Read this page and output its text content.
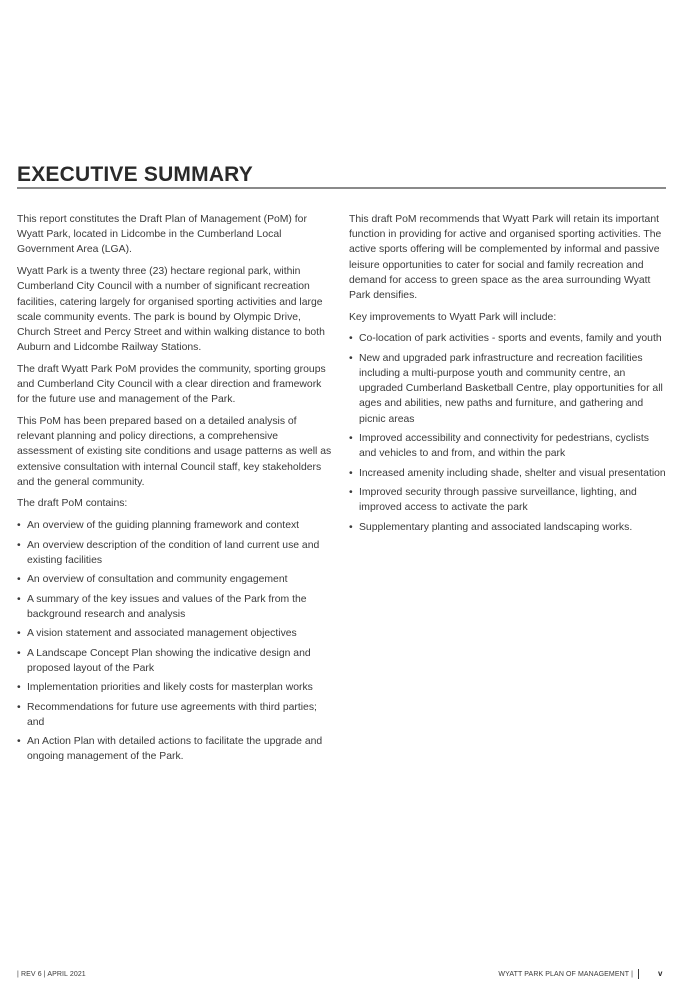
EXECUTIVE SUMMARY

This report constitutes the Draft Plan of Management (PoM) for Wyatt Park, located in Lidcombe in the Cumberland Local Government Area (LGA).

Wyatt Park is a twenty three (23) hectare regional park, within Cumberland City Council with a number of significant recreation facilities, catering largely for organised sporting activities and large scale community events. The park is bound by Olympic Drive, Church Street and Percy Street and within walking distance to both Auburn and Lidcombe Railway Stations.

The draft Wyatt Park PoM provides the community, sporting groups and Cumberland City Council with a clear direction and framework for the future use and management of the Park.

This PoM has been prepared based on a detailed analysis of relevant planning and policy directions, a comprehensive assessment of existing site conditions and usage patterns as well as extensive consultation with internal Council staff, key stakeholders and the general community.

The draft PoM contains:

• An overview of the guiding planning framework and context
• An overview description of the condition of land current use and existing facilities
• An overview of consultation and community engagement
• A summary of the key issues and values of the Park from the background research and analysis
• A vision statement and associated management objectives
• A Landscape Concept Plan showing the indicative design and proposed layout of the Park
• Implementation priorities and likely costs for masterplan works
• Recommendations for future use agreements with third parties; and
• An Action Plan with detailed actions to facilitate the upgrade and ongoing management of the Park.

This draft PoM recommends that Wyatt Park will retain its important function in providing for active and organised sporting activities. The active sports offering will be complemented by informal and passive leisure opportunities to cater for social and family recreation and demand for access to green space as the area surrounding Wyatt Park densifies.

Key improvements to Wyatt Park will include:

• Co-location of park activities - sports and events, family and youth
• New and upgraded park infrastructure and recreation facilities including a multi-purpose youth and community centre, an upgraded Cumberland Basketball Centre, play opportunities for all ages and abilities, new paths and furniture, and gathering and picnic areas
• Improved accessibility and connectivity for pedestrians, cyclists and vehicles to and from, and within the park
• Increased amenity including shade, shelter and visual presentation
• Improved security through passive surveillance, lighting, and improved access to activate the park
• Supplementary planting and associated landscaping works.
| REV 6 | APRIL 2021	WYATT PARK PLAN OF MANAGEMENT |	v
